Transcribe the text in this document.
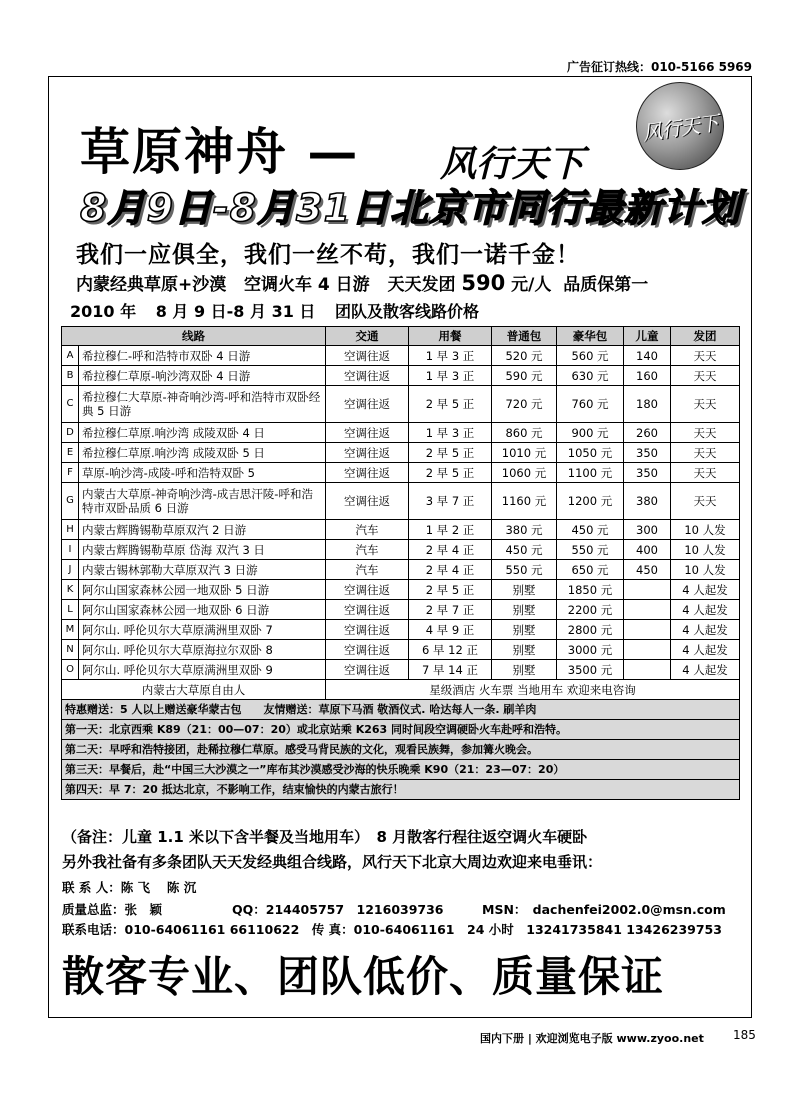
广告征订热线：010-5166 5969
风行天下
草原神舟 — 风行天下
8月9日-8月31日北京市同行最新计划
我们一应俱全，我们一丝不苟，我们一诺千金！
内蒙经典草原+沙漠 空调火车 4 日游 天天发团 590 元/人 品质保第一
2010 年 8 月 9 日-8 月 31 日 团队及散客线路价格
线路		交通	用餐	普通包	豪华包	儿童	发团
A	希拉穆仁-呼和浩特市双卧 4 日游	空调往返	1 早 3 正	520 元	560 元	140	天天
B	希拉穆仁草原-响沙湾双卧 4 日游	空调往返	1 早 3 正	590 元	630 元	160	天天
C	希拉穆仁大草原-神奇响沙湾-呼和浩特市双卧经典 5 日游	空调往返	2 早 5 正	720 元	760 元	180	天天
D	希拉穆仁草原.响沙湾 成陵双卧 4 日	空调往返	1 早 3 正	860 元	900 元	260	天天
E	希拉穆仁草原.响沙湾 成陵双卧 5 日	空调往返	2 早 5 正	1010 元	1050 元	350	天天
F	草原-响沙湾-成陵-呼和浩特双卧 5	空调往返	2 早 5 正	1060 元	1100 元	350	天天
G	内蒙古大草原-神奇响沙湾-成吉思汗陵-呼和浩特市双卧品质 6 日游	空调往返	3 早 7 正	1160 元	1200 元	380	天天
H	内蒙古辉腾锡勒草原双汽 2 日游	汽车	1 早 2 正	380 元	450 元	300	10 人发
I	内蒙古辉腾锡勒草原 岱海 双汽 3 日	汽车	2 早 4 正	450 元	550 元	400	10 人发
J	内蒙古锡林郭勒大草原双汽 3 日游	汽车	2 早 4 正	550 元	650 元	450	10 人发
K	阿尔山国家森林公园一地双卧 5 日游	空调往返	2 早 5 正	别墅	1850 元		4 人起发
L	阿尔山国家森林公园一地双卧 6 日游	空调往返	2 早 7 正	别墅	2200 元		4 人起发
M	阿尔山. 呼伦贝尔大草原满洲里双卧 7	空调往返	4 早 9 正	别墅	2800 元		4 人起发
N	阿尔山. 呼伦贝尔大草原海拉尔双卧 8	空调往返	6 早 12 正	别墅	3000 元		4 人起发
O	阿尔山. 呼伦贝尔大草原满洲里双卧 9	空调往返	7 早 14 正	别墅	3500 元		4 人起发
内蒙古大草原自由人		星级酒店 火车票 当地用车 欢迎来电咨询					
特惠赠送：5 人以上赠送豪华蒙古包　　友情赠送：草原下马酒 敬酒仪式. 哈达每人一条. 刷羊肉							
第一天：北京西乘 K89（21：00—07：20）或北京站乘 K263 同时间段空调硬卧火车赴呼和浩特。							
第二天：早呼和浩特接团，赴稀拉穆仁草原。感受马背民族的文化，观看民族舞，参加篝火晚会。							
第三天：早餐后，赴“中国三大沙漠之一”库布其沙漠感受沙海的快乐晚乘 K90（21：23—07：20）							
第四天：早 7：20 抵达北京，不影响工作，结束愉快的内蒙古旅行！							
（备注：儿童 1.1 米以下含半餐及当地用车）　8 月散客行程往返空调火车硬卧
另外我社备有多条团队天天发经典组合线路，风行天下北京大周边欢迎来电垂讯：
联 系 人：陈 飞　 陈 沉
质量总监：张　颖	QQ：214405757　1216039736	MSN：　dachenfei2002.0@msn.com
联系电话：010-64061161 66110622　传 真：010-64061161　24 小时　13241735841 13426239753
散客专业、团队低价、质量保证
国内下册 | 欢迎浏览电子版 www.zyoo.net 185
